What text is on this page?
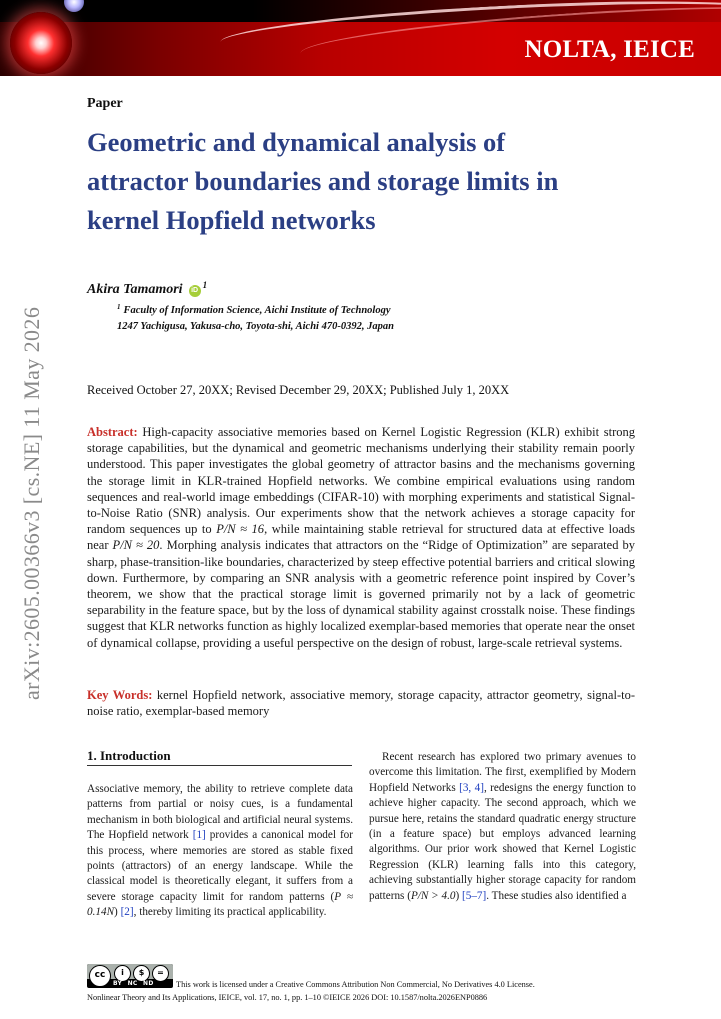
NOLTA, IEICE
arXiv:2605.00366v3 [cs.NE] 11 May 2026
Paper
Geometric and dynamical analysis of
attractor boundaries and storage limits in
kernel Hopfield networks
Akira Tamamori $iD^1$
$^1$ Faculty of Information Science, Aichi Institute of Technology
1247 Yachigusa, Yakusa-cho, Toyota-shi, Aichi 470-0392, Japan
Received October 27, 20XX; Revised December 29, 20XX; Published July 1, 20XX
Abstract: High-capacity associative memories based on Kernel Logistic Regression (KLR) exhibit strong storage capabilities, but the dynamical and geometric mechanisms underlying their stability remain poorly understood. This paper investigates the global geometry of attractor basins and the mechanisms governing the storage limit in KLR-trained Hopfield networks. We combine empirical evaluations using random sequences and real-world image embeddings (CIFAR-10) with morphing experiments and statistical Signal-to-Noise Ratio (SNR) analysis. Our experiments show that the network achieves a storage capacity for random sequences up to P/N ≈ 16, while maintaining stable retrieval for structured data at effective loads near P/N ≈ 20. Morphing analysis indicates that attractors on the “Ridge of Optimization” are separated by sharp, phase-transition-like boundaries, characterized by steep effective potential barriers and critical slowing down. Furthermore, by comparing an SNR analysis with a geometric reference point inspired by Cover’s theorem, we show that the practical storage limit is governed primarily not by a lack of geometric separability in the feature space, but by the loss of dynamical stability against crosstalk noise. These findings suggest that KLR networks function as highly localized exemplar-based memories that operate near the onset of dynamical collapse, providing a useful perspective on the design of robust, large-scale retrieval systems.
Key Words: kernel Hopfield network, associative memory, storage capacity, attractor geometry, signal-to-noise ratio, exemplar-based memory
1. Introduction
Associative memory, the ability to retrieve complete data patterns from partial or noisy cues, is a fundamental mechanism in both biological and artificial neural systems. The Hopfield network [1] provides a canonical model for this process, where memories are stored as stable fixed points (attractors) of an energy landscape. While the classical model is theoretically elegant, it suffers from a severe storage capacity limit for random patterns (P ≈ 0.14N) [2], thereby limiting its practical applicability.
Recent research has explored two primary avenues to overcome this limitation. The first, exemplified by Modern Hopfield Networks [3, 4], redesigns the energy function to achieve higher capacity. The second approach, which we pursue here, retains the standard quadratic energy structure (in a feature space) but employs advanced learning algorithms. Our prior work showed that Kernel Logistic Regression (KLR) learning falls into this category, achieving substantially higher storage capacity for random patterns (P/N > 4.0) [5–7]. These studies also identified a
cc	i	$	=
BY NC ND	This work is licensed under a Creative Commons Attribution Non Commercial, No Derivatives 4.0 License.
Nonlinear Theory and Its Applications, IEICE, vol. 17, no. 1, pp. 1–10 ©IEICE 2026 DOI: 10.1587/nolta.2026ENP0886
